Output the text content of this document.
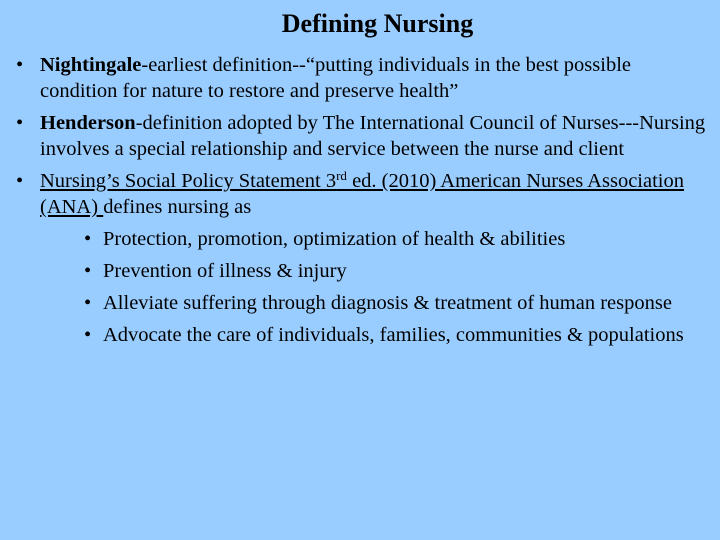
Defining Nursing
• Nightingale-earliest definition--“putting individuals in the best possible condition for nature to restore and preserve health”
• Henderson-definition adopted by The International Council of Nurses---Nursing involves a special relationship and service between the nurse and client
• Nursing’s Social Policy Statement 3rd ed. (2010) American Nurses Association (ANA) defines nursing as
• Protection, promotion, optimization of health & abilities
• Prevention of illness & injury
• Alleviate suffering through diagnosis & treatment of human response
• Advocate the care of individuals, families, communities & populations
